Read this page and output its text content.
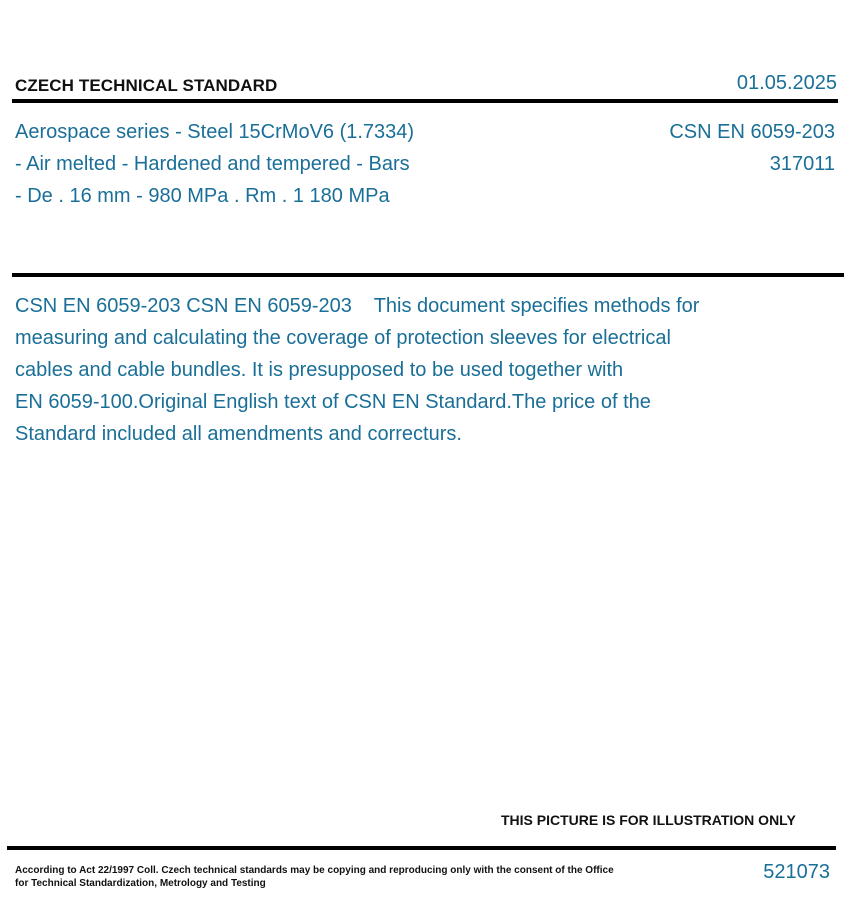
CZECH TECHNICAL STANDARD	01.05.2025
Aerospace series - Steel 15CrMoV6 (1.7334)
- Air melted - Hardened and tempered - Bars
- De . 16 mm - 980 MPa . Rm . 1 180 MPa
CSN EN 6059-203
317011
CSN EN 6059-203 CSN EN 6059-203    This document specifies methods for
measuring and calculating the coverage of protection sleeves for electrical
cables and cable bundles. It is presupposed to be used together with
EN 6059-100.Original English text of CSN EN Standard.The price of the
Standard included all amendments and correcturs.
THIS PICTURE IS FOR ILLUSTRATION ONLY
According to Act 22/1997 Coll. Czech technical standards may be copying and reproducing only with the consent of the Office
for Technical Standardization, Metrology and Testing
521073
